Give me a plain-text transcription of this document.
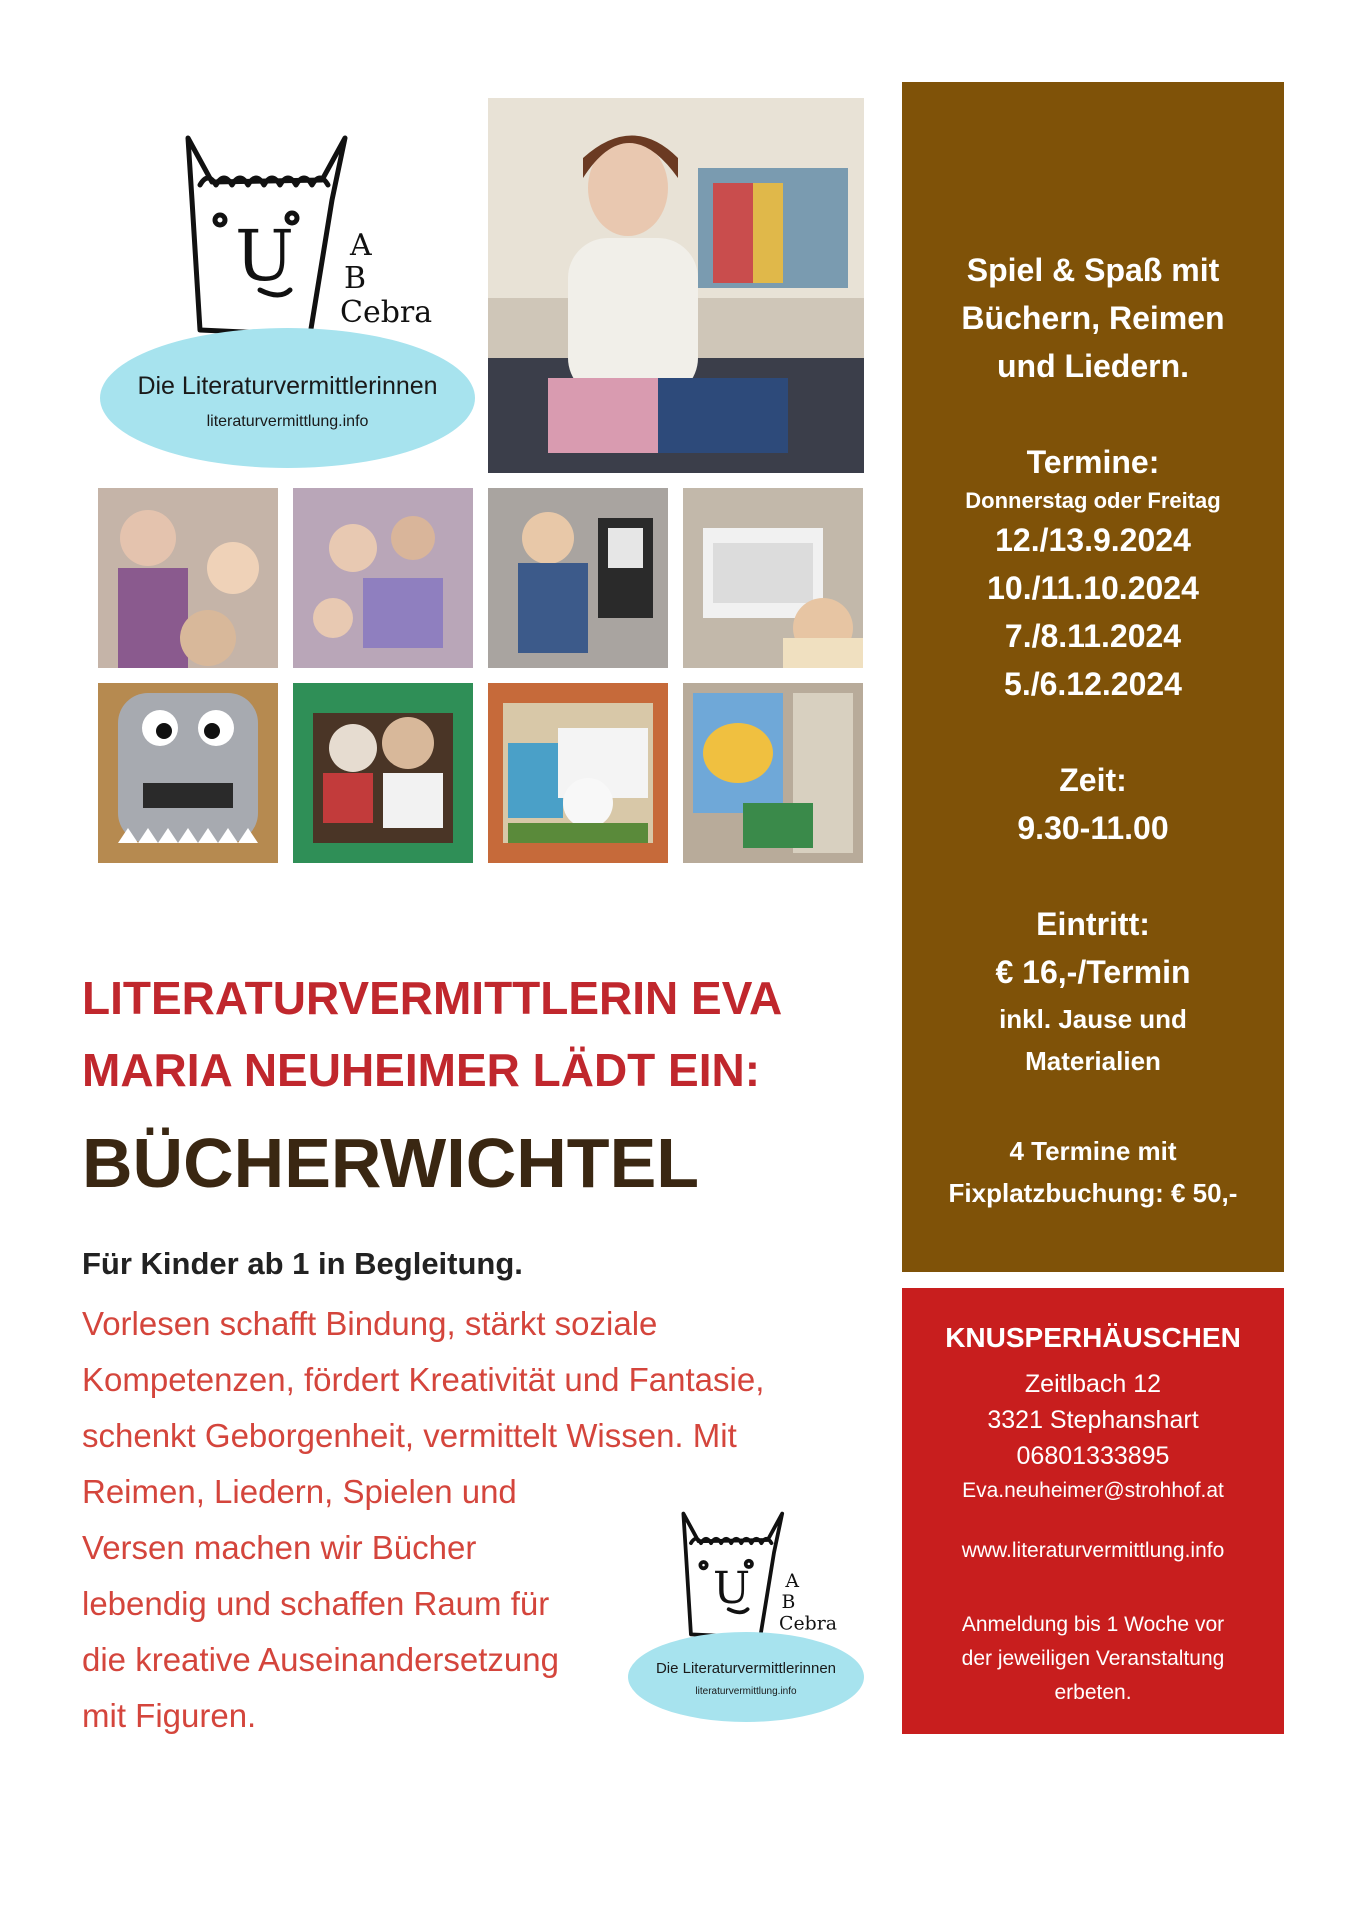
U A
B
Cebra
Die Literaturvermittlerinnen
literaturvermittlung.info
Spiel & Spaß mit
Büchern, Reimen
und Liedern.
Termine:
Donnerstag oder Freitag
12./13.9.2024
10./11.10.2024
7./8.11.2024
5./6.12.2024
Zeit:
9.30-11.00
Eintritt:
€ 16,-/Termin
inkl. Jause und
Materialien
4 Termine mit
Fixplatzbuchung: € 50,-
KNUSPERHÄUSCHEN
Zeitlbach 12
3321 Stephanshart
06801333895
Eva.neuheimer@strohhof.at
www.literaturvermittlung.info
Anmeldung bis 1 Woche vor
der jeweiligen Veranstaltung
erbeten.
LITERATURVERMITTLERIN EVA
MARIA NEUHEIMER LÄDT EIN:
BÜCHERWICHTEL
Für Kinder ab 1 in Begleitung.
Vorlesen schafft Bindung, stärkt soziale
Kompetenzen, fördert Kreativität und Fantasie,
schenkt Geborgenheit, vermittelt Wissen. Mit
Reimen, Liedern, Spielen und
Versen machen wir Bücher
lebendig und schaffen Raum für
die kreative Auseinandersetzung
mit Figuren.
U A
B
Cebra
Die Literaturvermittlerinnen
literaturvermittlung.info
